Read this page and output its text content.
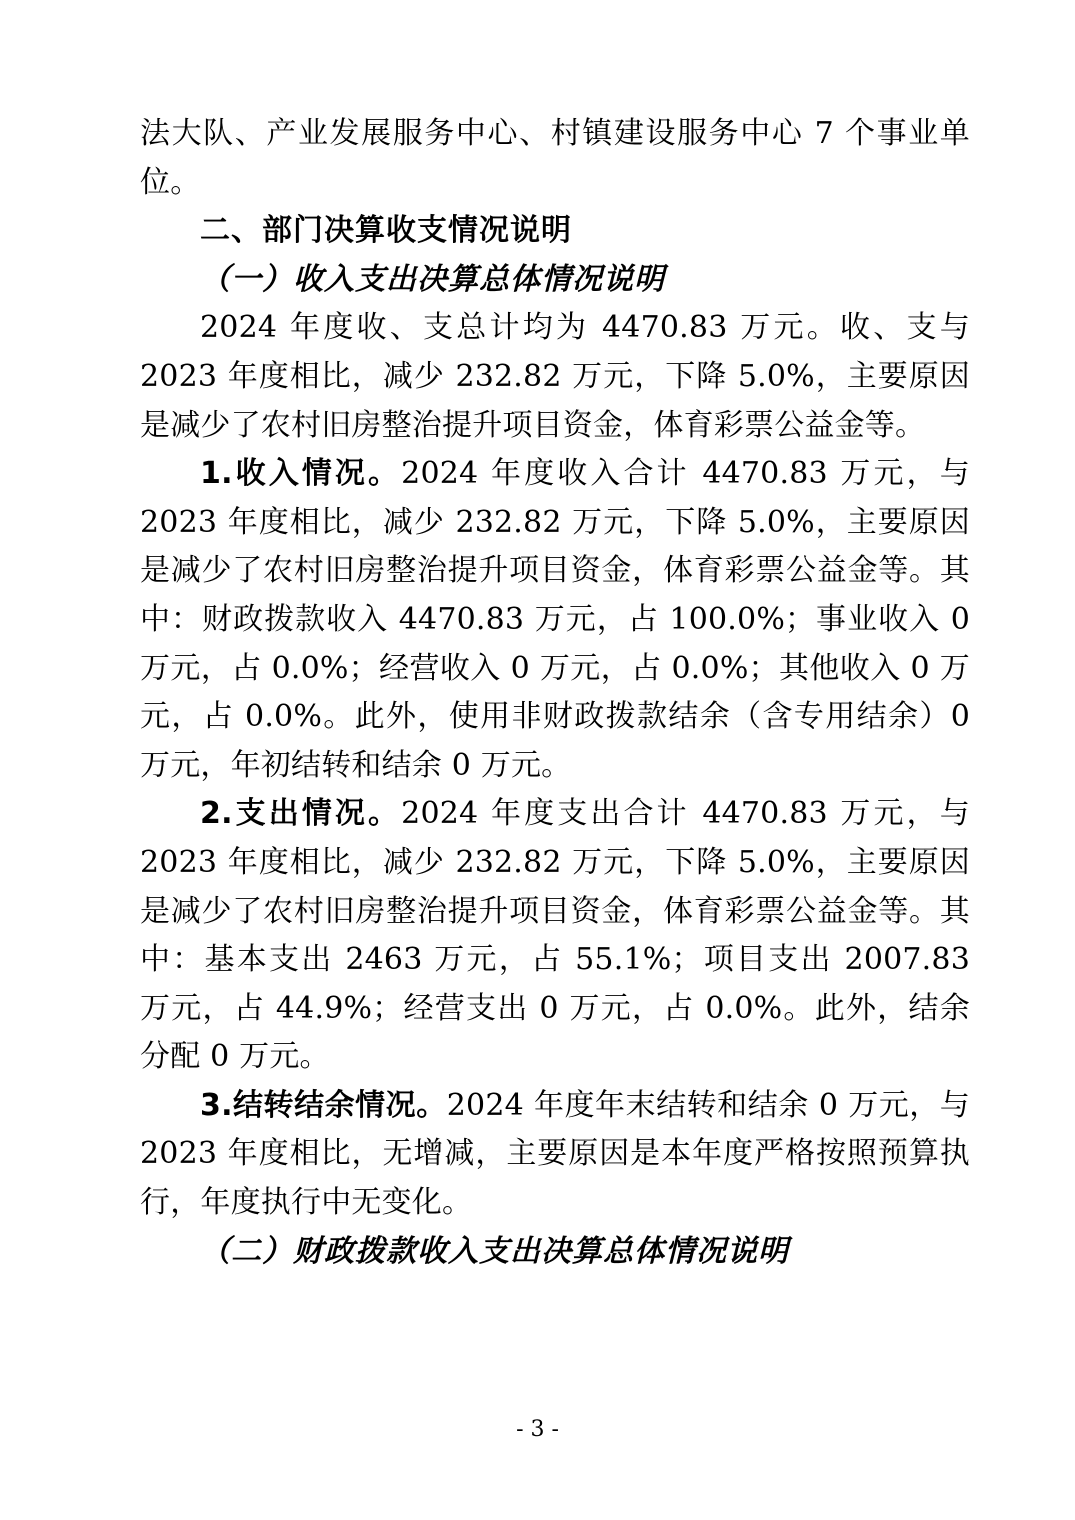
法大队、产业发展服务中心、村镇建设服务中心 7 个事业单位。

二、部门决算收支情况说明

（一）收入支出决算总体情况说明

2024 年度收、支总计均为 4470.83 万元。收、支与 2023 年度相比，减少 232.82 万元，下降 5.0%，主要原因是减少了农村旧房整治提升项目资金，体育彩票公益金等。

1.收入情况。2024 年度收入合计 4470.83 万元，与 2023 年度相比，减少 232.82 万元，下降 5.0%，主要原因是减少了农村旧房整治提升项目资金，体育彩票公益金等。其中：财政拨款收入 4470.83 万元，占 100.0%；事业收入 0 万元，占 0.0%；经营收入 0 万元，占 0.0%；其他收入 0 万元，占 0.0%。此外，使用非财政拨款结余（含专用结余）0 万元，年初结转和结余 0 万元。

2.支出情况。2024 年度支出合计 4470.83 万元，与 2023 年度相比，减少 232.82 万元，下降 5.0%，主要原因是减少了农村旧房整治提升项目资金，体育彩票公益金等。其中：基本支出 2463 万元，占 55.1%；项目支出 2007.83 万元，占 44.9%；经营支出 0 万元，占 0.0%。此外，结余分配 0 万元。

3.结转结余情况。2024 年度年末结转和结余 0 万元，与 2023 年度相比，无增减，主要原因是本年度严格按照预算执行，年度执行中无变化。

（二）财政拨款收入支出决算总体情况说明

- 3 -
